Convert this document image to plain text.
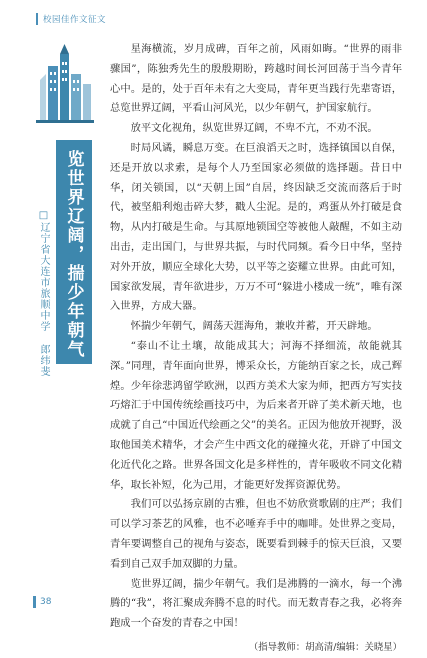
校园佳作文征文
□辽宁省大连市旅顺中学 郎纬斐 览世界辽阔，揣少年朝气

星海横流，岁月成碑，百年之前，风雨如晦。“世界的雨非骤国”，陈独秀先生的殷殷期盼，跨越时间长河回荡于当今青年心中。是的，处于百年未有之大变局，青年更当践行先辈寄语，总览世界辽阔，平看山河风光，以少年朝气，护国家航行。

放平文化视角，纵览世界辽阔，不卑不亢，不劝不泯。

时局风谲，瞬息万变。在巨浪滔天之时，选择镇国以自保，还是开放以求索，是每个人乃至国家必须做的选择题。昔日中华，闭关锁国，以“天朝上国”自居，终因缺乏交流而落后于时代，被坚船利炮击碎大梦，戳人尘泥。是的，鸡蛋从外打破是食物，从内打破是生命。与其原地锁国空等被他人敲醒，不如主动出击，走出国门，与世界共振，与时代同频。看今日中华，坚持对外开放，顺应全球化大势，以平等之姿耀立世界。由此可知，国家欲发展，青年欲进步，万万不可“躲进小楼成一统”，唯有深入世界，方成大器。

怀揣少年朝气，阔荡天涯海角，兼收并蓄，开天辟地。

“泰山不让土壤，故能成其大；河海不择细流，故能就其深。”同理，青年面向世界，博采众长，方能纳百家之长，成己辉煌。少年徐悲鸿留学欧洲，以西方美术大家为师，把西方写实技巧熔汇于中国传统绘画技巧中，为后来者开辟了美术新天地，也成就了自己“中国近代绘画之父”的美名。正因为他放开视野，汲取他国美术精华，才会产生中西文化的碰撞火花，开辟了中国文化近代化之路。世界各国文化是多样性的，青年吸收不同文化精华，取长补短，化为己用，才能更好发挥资源优势。

我们可以弘扬京剧的古雅，但也不妨欣赏歌剧的庄严；我们可以学习茶艺的风雅，也不必唾弃手中的咖啡。处世界之变局，青年要调整自己的视角与姿态，既要看到棘手的惊天巨浪，又要看到自己双手加双脚的力量。

览世界辽阔，揣少年朝气。我们是沸腾的一滴水，每一个沸腾的“我”，将汇聚成奔腾不息的时代。而无数青春之我，必将奔跑成一个奋发的青春之中国！

（指导教师：胡高清/编辑：关晓星）

38
